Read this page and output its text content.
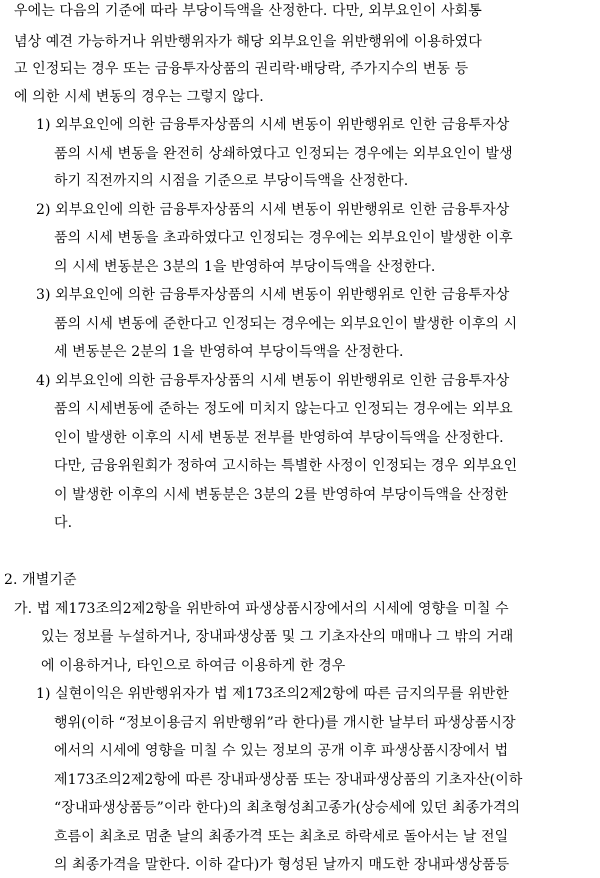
우에는 다음의 기준에 따라 부당이득액을 산정한다. 다만, 외부요인이 사회통
념상 예견 가능하거나 위반행위자가 해당 외부요인을 위반행위에 이용하였다
고 인정되는 경우 또는 금융투자상품의 권리락·배당락, 주가지수의 변동 등
에 의한 시세 변동의 경우는 그렇지 않다.
1) 외부요인에 의한 금융투자상품의 시세 변동이 위반행위로 인한 금융투자상
품의 시세 변동을 완전히 상쇄하였다고 인정되는 경우에는 외부요인이 발생
하기 직전까지의 시점을 기준으로 부당이득액을 산정한다.
2) 외부요인에 의한 금융투자상품의 시세 변동이 위반행위로 인한 금융투자상
품의 시세 변동을 초과하였다고 인정되는 경우에는 외부요인이 발생한 이후
의 시세 변동분은 3분의 1을 반영하여 부당이득액을 산정한다.
3) 외부요인에 의한 금융투자상품의 시세 변동이 위반행위로 인한 금융투자상
품의 시세 변동에 준한다고 인정되는 경우에는 외부요인이 발생한 이후의 시
세 변동분은 2분의 1을 반영하여 부당이득액을 산정한다.
4) 외부요인에 의한 금융투자상품의 시세 변동이 위반행위로 인한 금융투자상
품의 시세변동에 준하는 정도에 미치지 않는다고 인정되는 경우에는 외부요
인이 발생한 이후의 시세 변동분 전부를 반영하여 부당이득액을 산정한다.
다만, 금융위원회가 정하여 고시하는 특별한 사정이 인정되는 경우 외부요인
이 발생한 이후의 시세 변동분은 3분의 2를 반영하여 부당이득액을 산정한
다.
2. 개별기준
가. 법 제173조의2제2항을 위반하여 파생상품시장에서의 시세에 영향을 미칠 수
있는 정보를 누설하거나, 장내파생상품 및 그 기초자산의 매매나 그 밖의 거래
에 이용하거나, 타인으로 하여금 이용하게 한 경우
1) 실현이익은 위반행위자가 법 제173조의2제2항에 따른 금지의무를 위반한
행위(이하 “정보이용금지 위반행위”라 한다)를 개시한 날부터 파생상품시장
에서의 시세에 영향을 미칠 수 있는 정보의 공개 이후 파생상품시장에서 법
제173조의2제2항에 따른 장내파생상품 또는 장내파생상품의 기초자산(이하
“장내파생상품등”이라 한다)의 최초형성최고종가(상승세에 있던 최종가격의
흐름이 최초로 멈춘 날의 최종가격 또는 최초로 하락세로 돌아서는 날 전일
의 최종가격을 말한다. 이하 같다)가 형성된 날까지 매도한 장내파생상품등
